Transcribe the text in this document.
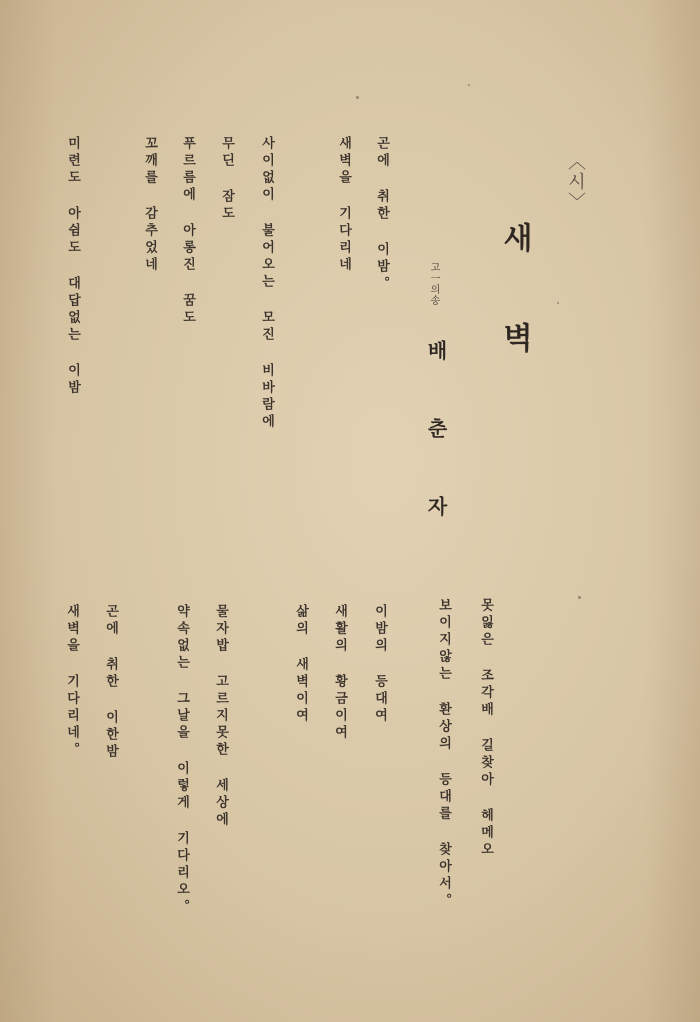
〈시〉
새벽
고一의송
배춘자
보이지않는 환상의 등대를 찾아서。 못잃은 조각배 길찾아 헤메오
이밤의 등대여
새활의 황금이여
삶의 새벽이여
곤에 취한 이밤。
새벽을 기다리네
사이없이 불어오는 모진 비바람에
무딘 잠도
푸르름에 아롱진 꿈도
꼬깨를 감추었네
미련도 아쉼도 대답없는 이밤
물자밥 고르지못한 세상에
약속없는 그날을 이렇게 기다리오。
곤에 취한 이한밤
새벽을 기다리네。
